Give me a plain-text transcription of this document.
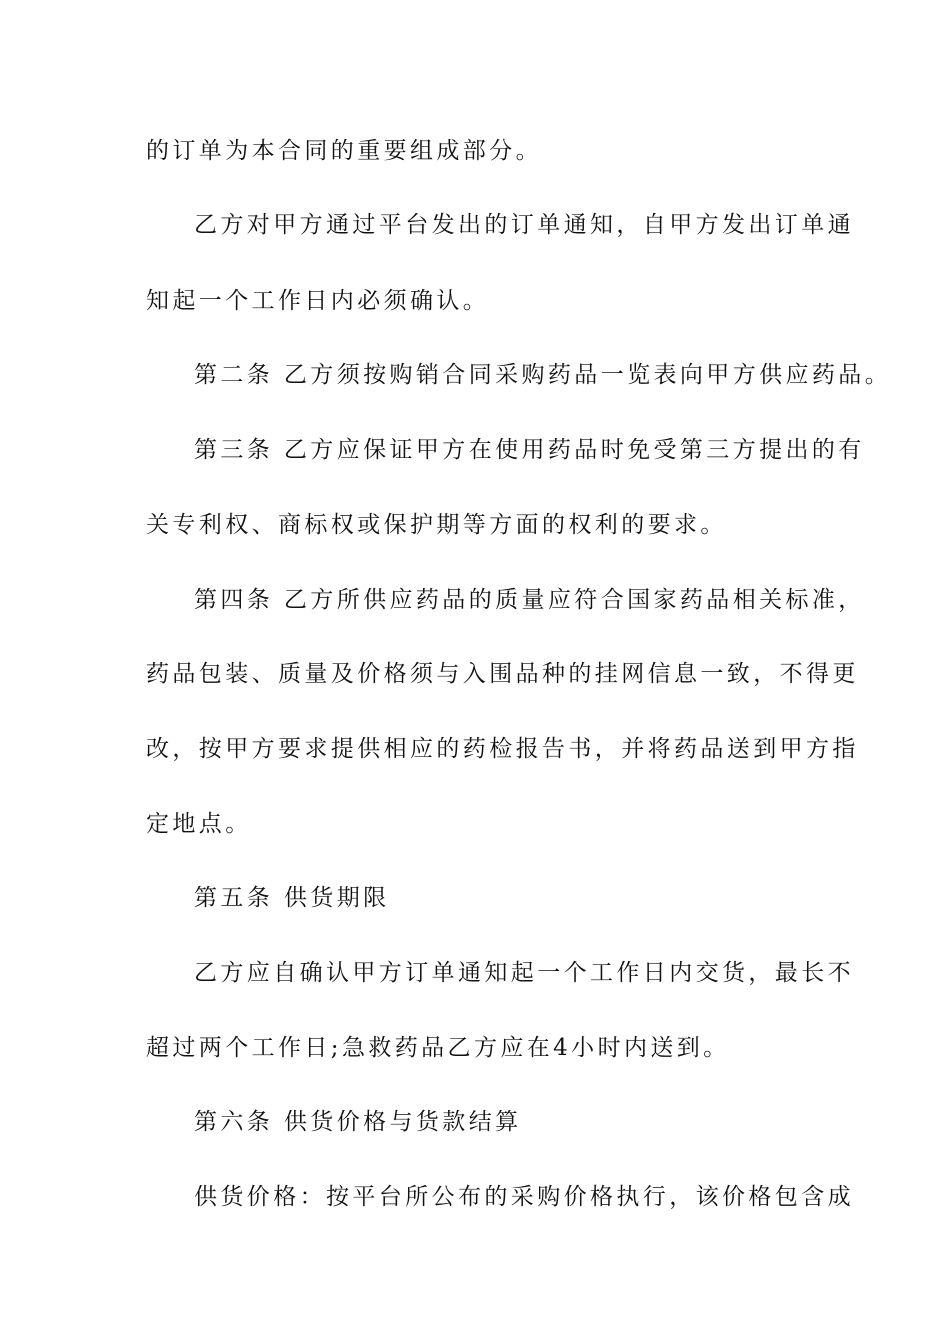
的订单为本合同的重要组成部分。
乙方对甲方通过平台发出的订单通知，自甲方发出订单通
知起一个工作日内必须确认。
第二条 乙方须按购销合同采购药品一览表向甲方供应药品。
第三条 乙方应保证甲方在使用药品时免受第三方提出的有
关专利权、商标权或保护期等方面的权利的要求。
第四条 乙方所供应药品的质量应符合国家药品相关标准，
药品包装、质量及价格须与入围品种的挂网信息一致，不得更
改，按甲方要求提供相应的药检报告书，并将药品送到甲方指
定地点。
第五条 供货期限
乙方应自确认甲方订单通知起一个工作日内交货，最长不
超过两个工作日;急救药品乙方应在4小时内送到。
第六条 供货价格与货款结算
供货价格：按平台所公布的采购价格执行，该价格包含成
